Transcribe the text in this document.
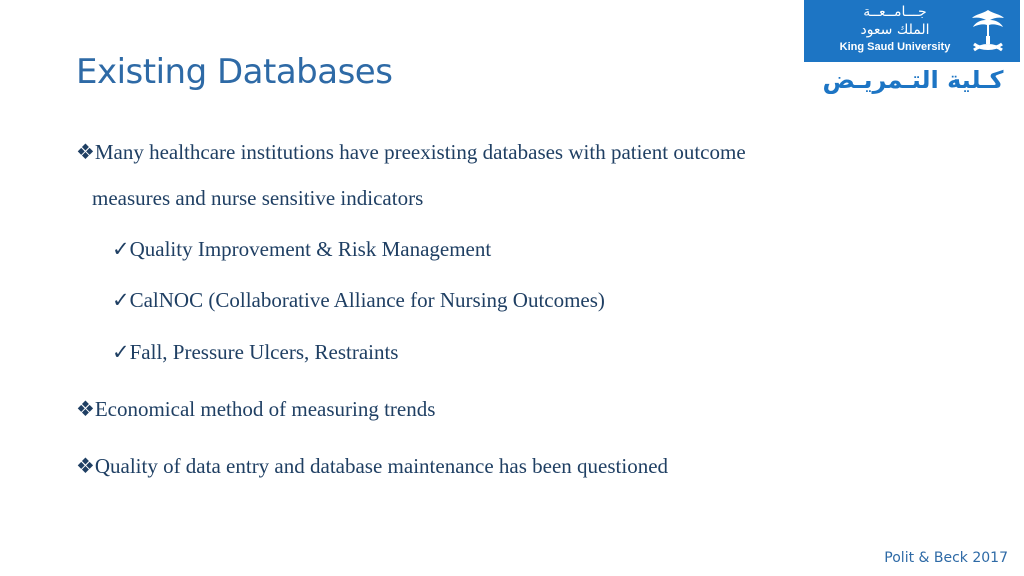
Existing Databases
جـــامــعــة
الملك سعود
King Saud University
كـلية التـمريـض
❖Many healthcare institutions have preexisting databases with patient outcome
measures and nurse sensitive indicators
✓Quality Improvement & Risk Management
✓CalNOC (Collaborative Alliance for Nursing Outcomes)
✓Fall, Pressure Ulcers, Restraints
❖Economical method of measuring trends
❖Quality of data entry and database maintenance has been questioned
Polit & Beck 2017
